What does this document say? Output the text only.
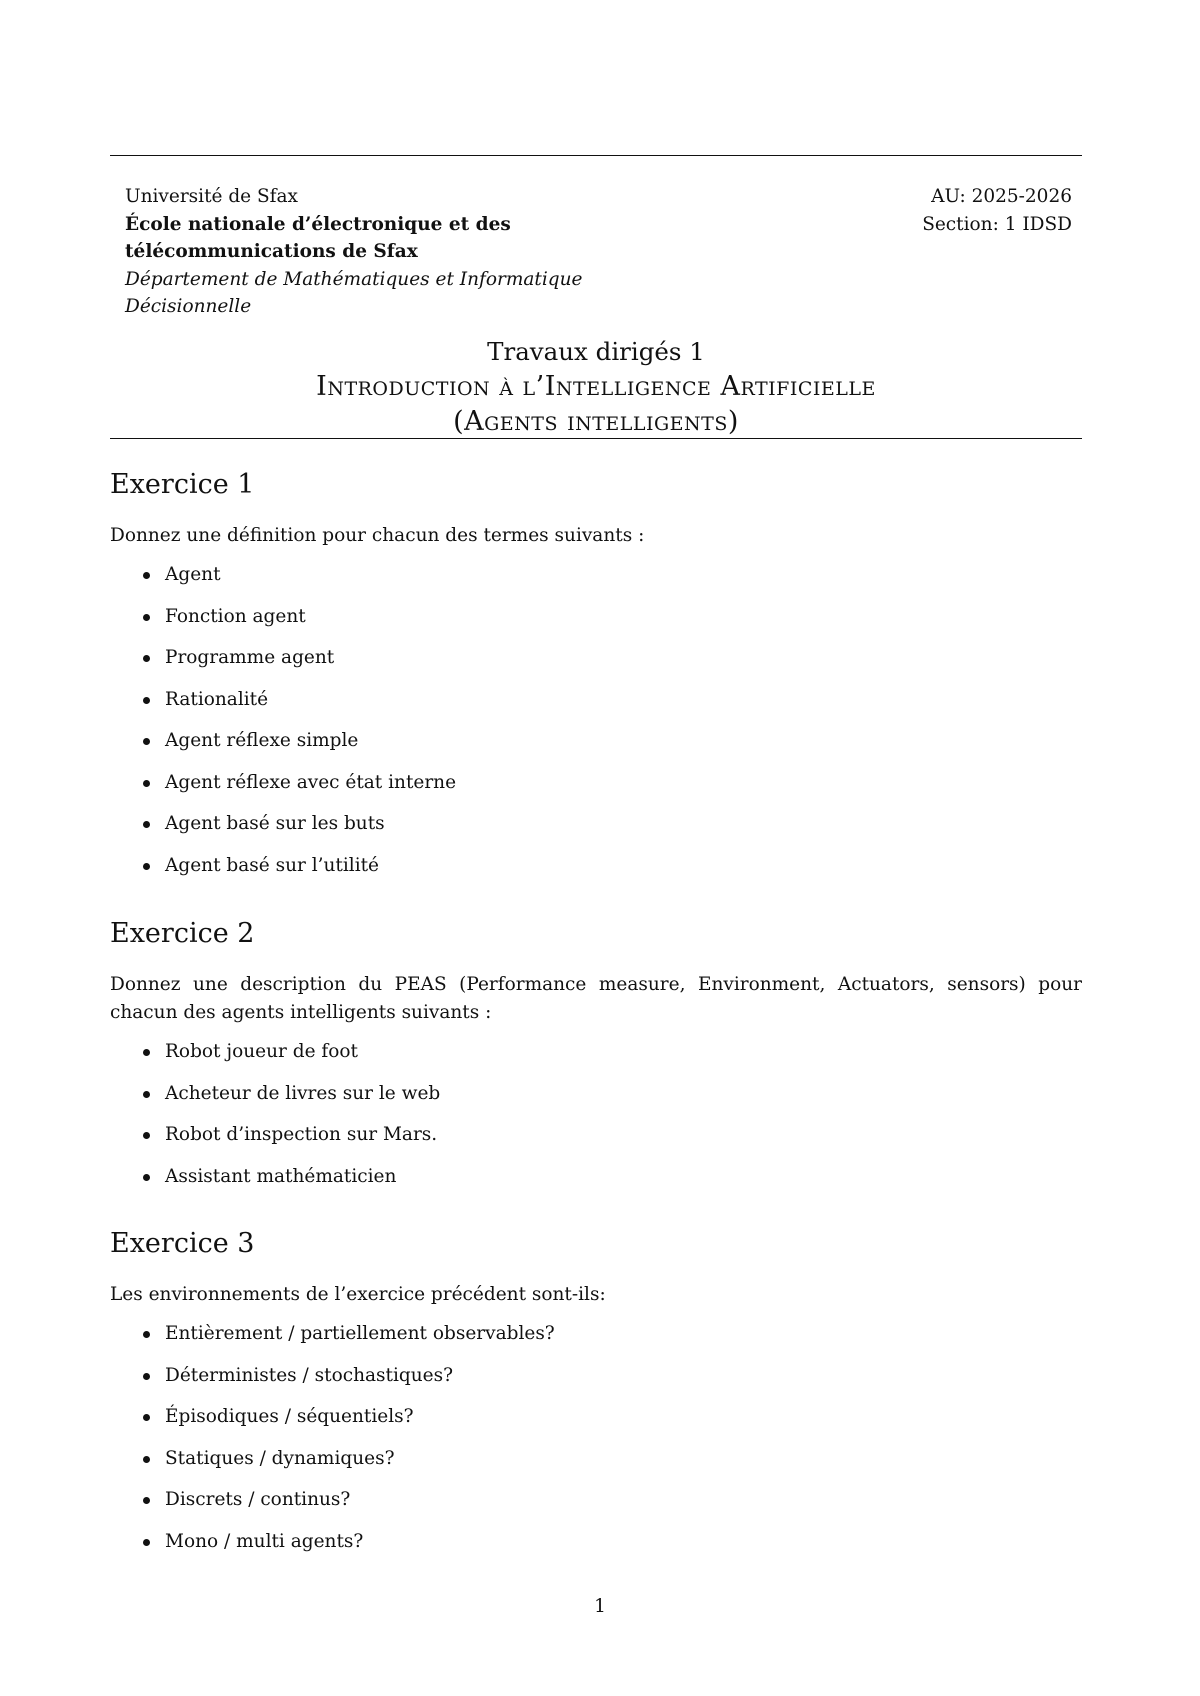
Université de Sfax
École nationale d’électronique et des
télécommunications de Sfax
Département de Mathématiques et Informatique
Décisionnelle
AU: 2025-2026
Section: 1 IDSD
Travaux dirigés 1
Introduction à l’Intelligence Artificielle
(Agents intelligents)
Exercice 1

Donnez une définition pour chacun des termes suivants :

Agent
Fonction agent
Programme agent
Rationalité
Agent réflexe simple
Agent réflexe avec état interne
Agent basé sur les buts
Agent basé sur l’utilité
Exercice 2

Donnez une description du PEAS (Performance measure, Environment, Actuators, sensors) pour chacun des agents intelligents suivants :

Robot joueur de foot
Acheteur de livres sur le web
Robot d’inspection sur Mars.
Assistant mathématicien
Exercice 3

Les environnements de l’exercice précédent sont-ils:

Entièrement / partiellement observables?
Déterministes / stochastiques?
Épisodiques / séquentiels?
Statiques / dynamiques?
Discrets / continus?
Mono / multi agents?
1
